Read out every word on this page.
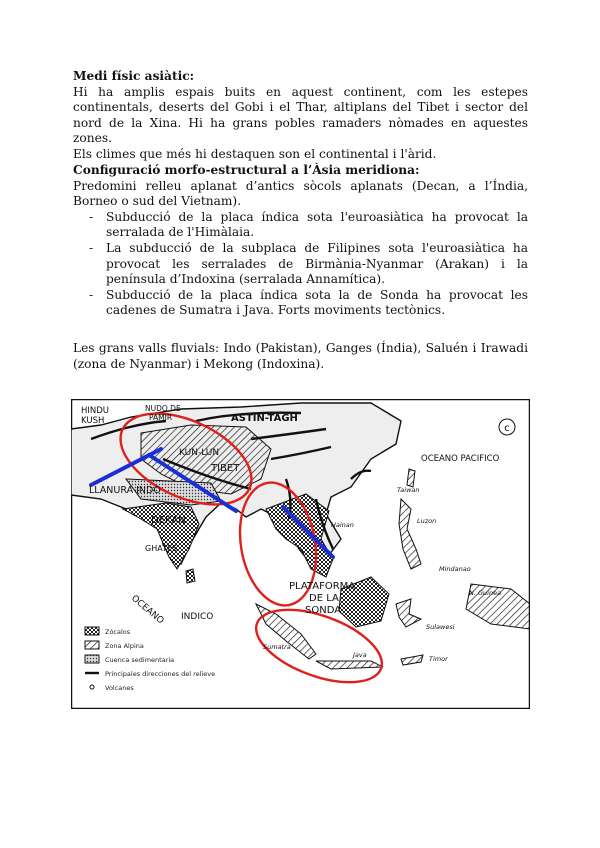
Medi físic asiàtic:
Hi ha amplis espais buits en aquest continent, com les estepes continentals, deserts del Gobi i el Thar, altiplans del Tibet i sector del nord de la Xina. Hi ha grans pobles ramaders nòmades en aquestes zones.
Els climes que més hi destaquen son el continental i l'àrid.
Configuració morfo-estructural a l’Àsia meridiona:
Predomini relleu aplanat d’antics sòcols aplanats (Decan, a l’Índia, Borneo o sud del Vietnam).
- Subducció de la placa índica sota l'euroasiàtica ha provocat la serralada de l'Himàlaia.
- La subducció de la subplaca de Filipines sota l'euroasiàtica ha provocat les serralades de Birmània-Nyanmar (Arakan) i la península d’Indoxina (serralada Annamítica).
- Subducció de la placa índica sota la de Sonda ha provocat les cadenes de Sumatra i Java. Forts moviments tectònics.
Les grans valls fluvials: Indo (Pakistan), Ganges (Índia), Saluén i Irawadi (zona de Nyanmar) i Mekong (Indoxina).
c
HINDU
KUSH
NUDO DE
PAMIR	ASTIN-TAGH
KUN-LUN
TIBET
LLANURA INDO
DEKAN
GHATES
OCEANO INDICO
OCEANO PACIFICO
Taiwan
Luzon
Hainan
Mindanao
N. Guinea
PLATAFORMA
DE LA
SONDA
Sumatra
Java	Timor
Sulawesi
Zócalos
Zona Alpina
Cuenca sedimentaria
Principales direcciones del relieve
Volcanes
